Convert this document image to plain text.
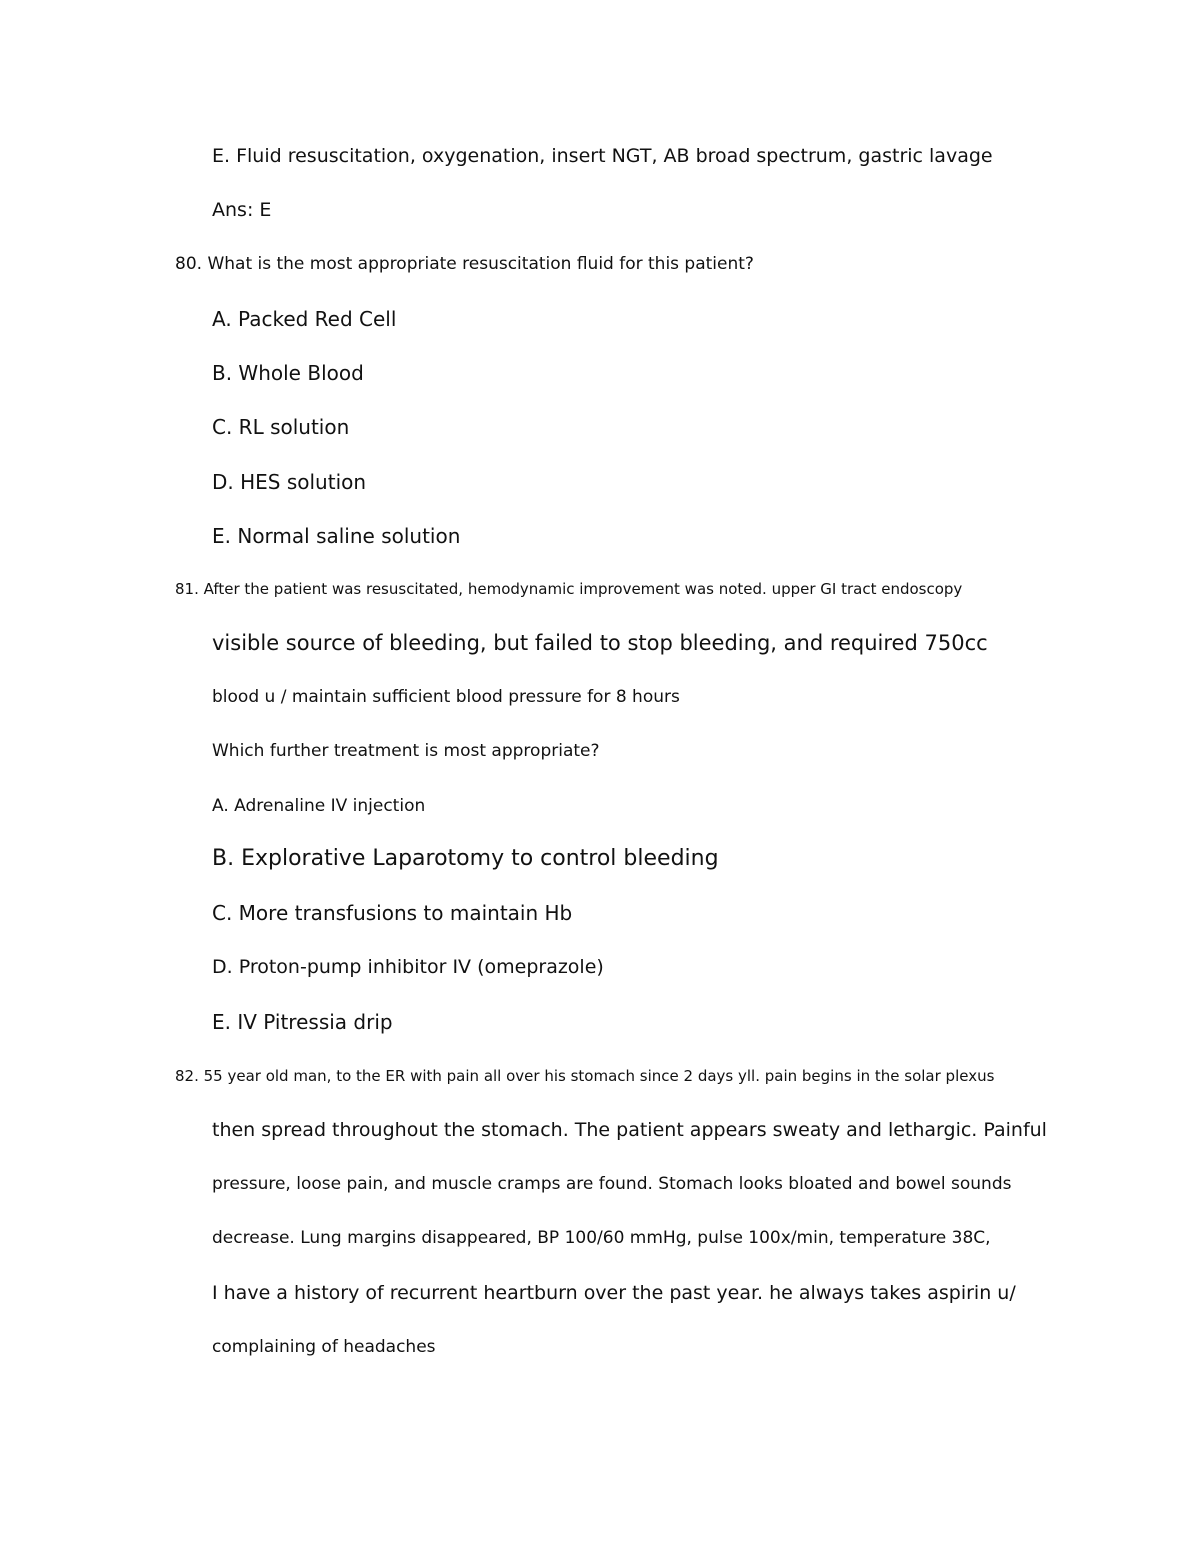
E. Fluid resuscitation, oxygenation, insert NGT, AB broad spectrum, gastric lavage
Ans: E
80. What is the most appropriate resuscitation fluid for this patient?
A. Packed Red Cell
B. Whole Blood
C. RL solution
D. HES solution
E. Normal saline solution
81. After the patient was resuscitated, hemodynamic improvement was noted. upper GI tract endoscopy
visible source of bleeding, but failed to stop bleeding, and required 750cc
blood u / maintain sufficient blood pressure for 8 hours
Which further treatment is most appropriate?
A. Adrenaline IV injection
B. Explorative Laparotomy to control bleeding
C. More transfusions to maintain Hb
D. Proton-pump inhibitor IV (omeprazole)
E. IV Pitressia drip
82. 55 year old man, to the ER with pain all over his stomach since 2 days yll. pain begins in the solar plexus
then spread throughout the stomach. The patient appears sweaty and lethargic. Painful
pressure, loose pain, and muscle cramps are found. Stomach looks bloated and bowel sounds
decrease. Lung margins disappeared, BP 100/60 mmHg, pulse 100x/min, temperature 38C,
I have a history of recurrent heartburn over the past year. he always takes aspirin u/
complaining of headaches
